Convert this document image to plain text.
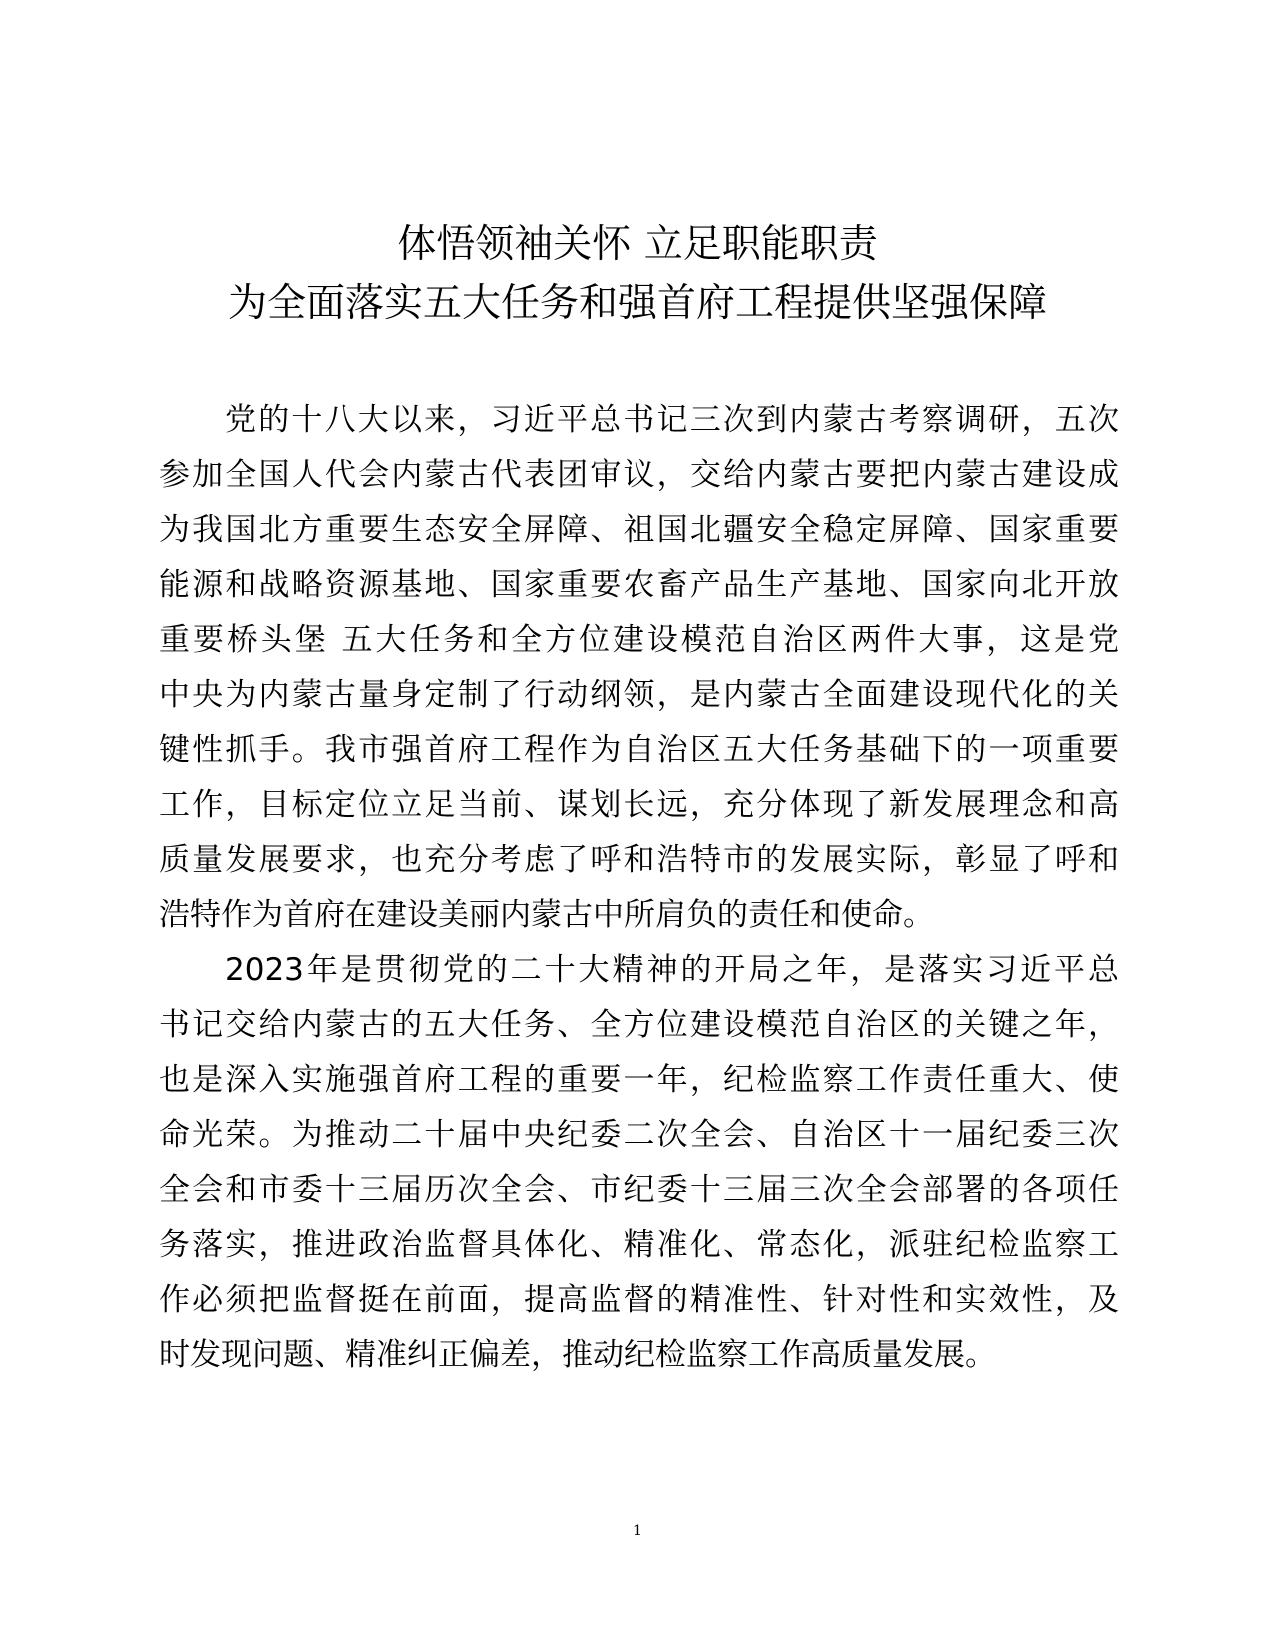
体悟领袖关怀 立足职能职责
为全面落实五大任务和强首府工程提供坚强保障
党的十八大以来，习近平总书记三次到内蒙古考察调研，五次
参加全国人代会内蒙古代表团审议，交给内蒙古要把内蒙古建设成
为我国北方重要生态安全屏障、祖国北疆安全稳定屏障、国家重要
能源和战略资源基地、国家重要农畜产品生产基地、国家向北开放
重要桥头堡 五大任务和全方位建设模范自治区两件大事，这是党
中央为内蒙古量身定制了行动纲领，是内蒙古全面建设现代化的关
键性抓手。我市强首府工程作为自治区五大任务基础下的一项重要
工作，目标定位立足当前、谋划长远，充分体现了新发展理念和高
质量发展要求，也充分考虑了呼和浩特市的发展实际，彰显了呼和
浩特作为首府在建设美丽内蒙古中所肩负的责任和使命。
2023年是贯彻党的二十大精神的开局之年，是落实习近平总
书记交给内蒙古的五大任务、全方位建设模范自治区的关键之年，
也是深入实施强首府工程的重要一年，纪检监察工作责任重大、使
命光荣。为推动二十届中央纪委二次全会、自治区十一届纪委三次
全会和市委十三届历次全会、市纪委十三届三次全会部署的各项任
务落实，推进政治监督具体化、精准化、常态化，派驻纪检监察工
作必须把监督挺在前面，提高监督的精准性、针对性和实效性，及
时发现问题、精准纠正偏差，推动纪检监察工作高质量发展。
1
